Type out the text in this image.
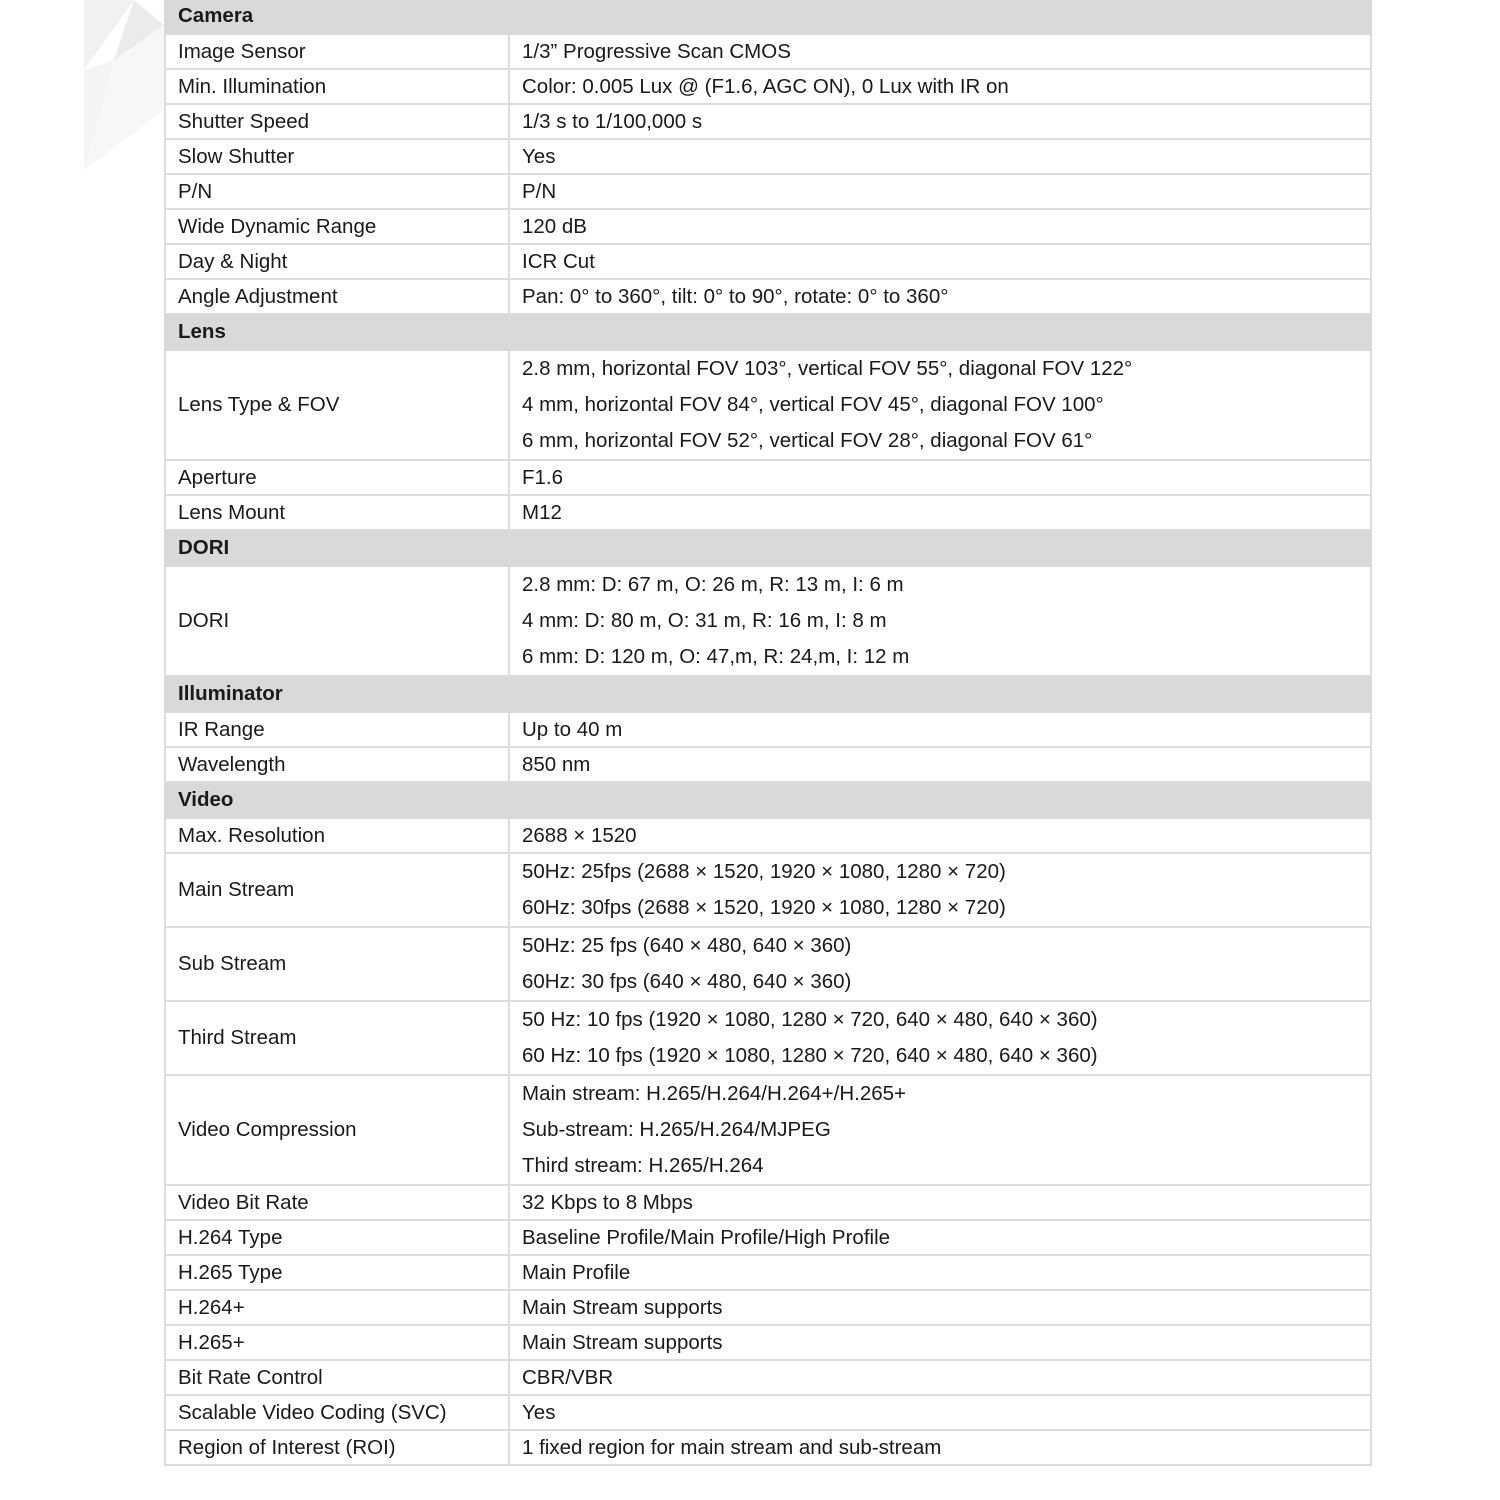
Camera	
Image Sensor	1/3” Progressive Scan CMOS

Min. Illumination	Color: 0.005 Lux @ (F1.6, AGC ON), 0 Lux with IR on

Shutter Speed	1/3 s to 1/100,000 s

Slow Shutter	Yes

P/N	P/N

Wide Dynamic Range	120 dB

Day & Night	ICR Cut

Angle Adjustment	Pan: 0° to 360°, tilt: 0° to 90°, rotate: 0° to 360°

Lens	
Lens Type & FOV	2.8 mm, horizontal FOV 103°, vertical FOV 55°, diagonal FOV 122°
4 mm, horizontal FOV 84°, vertical FOV 45°, diagonal FOV 100°
6 mm, horizontal FOV 52°, vertical FOV 28°, diagonal FOV 61°

Aperture	F1.6

Lens Mount	M12

DORI	
DORI	2.8 mm: D: 67 m, O: 26 m, R: 13 m, I: 6 m
4 mm: D: 80 m, O: 31 m, R: 16 m, I: 8 m
6 mm: D: 120 m, O: 47,m, R: 24,m, I: 12 m

Illuminator	
IR Range	Up to 40 m

Wavelength	850 nm

Video	
Max. Resolution	2688 × 1520

Main Stream	50Hz: 25fps (2688 × 1520, 1920 × 1080, 1280 × 720)
60Hz: 30fps (2688 × 1520, 1920 × 1080, 1280 × 720)

Sub Stream	50Hz: 25 fps (640 × 480, 640 × 360)
60Hz: 30 fps (640 × 480, 640 × 360)

Third Stream	50 Hz: 10 fps (1920 × 1080, 1280 × 720, 640 × 480, 640 × 360)
60 Hz: 10 fps (1920 × 1080, 1280 × 720, 640 × 480, 640 × 360)

Video Compression	Main stream: H.265/H.264/H.264+/H.265+
Sub-stream: H.265/H.264/MJPEG
Third stream: H.265/H.264

Video Bit Rate	32 Kbps to 8 Mbps

H.264 Type	Baseline Profile/Main Profile/High Profile

H.265 Type	Main Profile

H.264+	Main Stream supports

H.265+	Main Stream supports

Bit Rate Control	CBR/VBR

Scalable Video Coding (SVC)	Yes

Region of Interest (ROI)	1 fixed region for main stream and sub-stream
